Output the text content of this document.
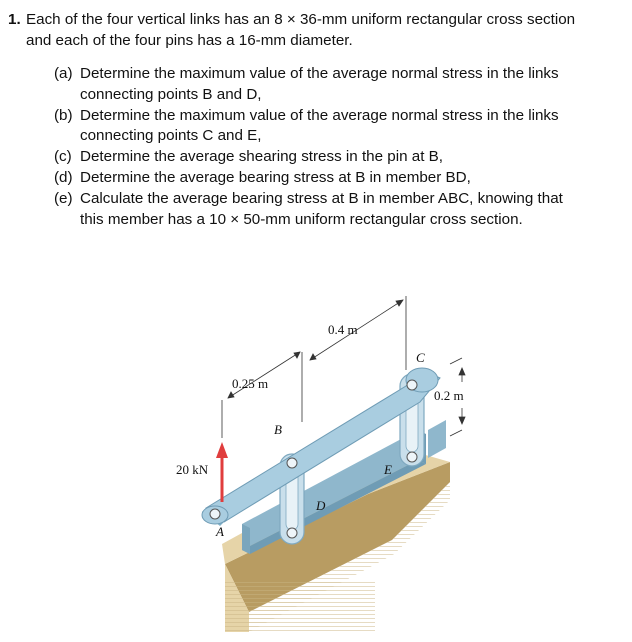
1. Each of the four vertical links has an 8 × 36-mm uniform rectangular cross section
and each of the four pins has a 16-mm diameter.
(a) Determine the maximum value of the average normal stress in the links
connecting points B and D,
(b) Determine the maximum value of the average normal stress in the links
connecting points C and E,
(c) Determine the average shearing stress in the pin at B,
(d) Determine the average bearing stress at B in member BD,
(e) Calculate the average bearing stress at B in member ABC, knowing that
this member has a 10 × 50-mm uniform rectangular cross section.
0.4 m
0.25 m
0.2 m
20 kN
A
B
C
D
E
